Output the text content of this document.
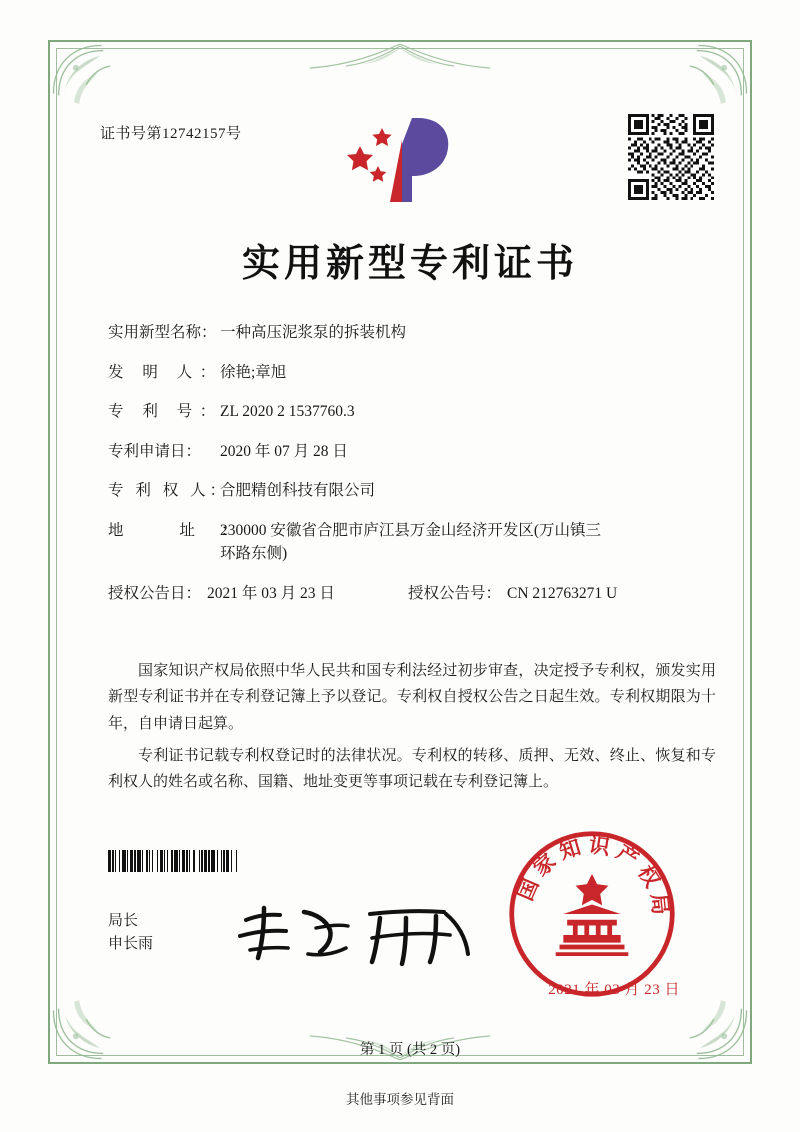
证书号第12742157号
实用新型专利证书
实用新型名称： 一种高压泥浆泵的拆装机构
发 明 人：
徐艳;章旭
专 利 号：
ZL 2020 2 1537760.3
专利申请日：	2020 年 07 月 28 日
专 利 权 人：
合肥精创科技有限公司
地 址：
230000 安徽省合肥市庐江县万金山经济开发区(万山镇三
环路东侧)
授权公告日： 2021 年 03 月 23 日	授权公告号： CN 212763271 U

国家知识产权局依照中华人民共和国专利法经过初步审查，决定授予专利权，颁发实用新型专利证书并在专利登记簿上予以登记。专利权自授权公告之日起生效。专利权期限为十年，自申请日起算。

专利证书记载专利权登记时的法律状况。专利权的转移、质押、无效、终止、恢复和专利权人的姓名或名称、国籍、地址变更等事项记载在专利登记簿上。

局长
申长雨
国家知识产权局
2021 年 03 月 23 日
第 1 页 (共 2 页)
其他事项参见背面
